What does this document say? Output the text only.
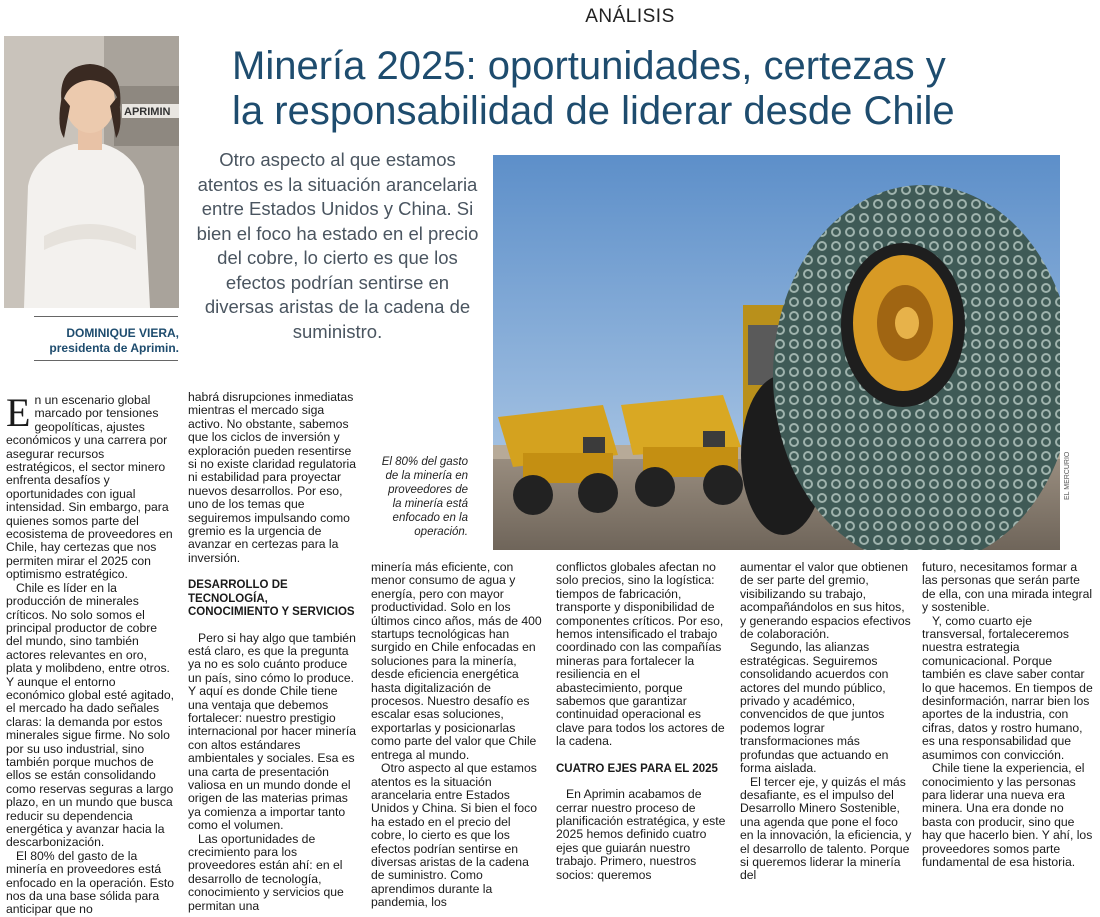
ANÁLISIS
Minería 2025: oportunidades, certezas y
la responsabilidad de liderar desde Chile
APRIMIN
DOMINIQUE VIERA,
presidenta de Aprimin.
Otro aspecto al que estamos atentos es la situación arancelaria entre Estados Unidos y China. Si bien el foco ha estado en el precio del cobre, lo cierto es que los efectos podrían sentirse en diversas aristas de la cadena de suministro.
El 80% del gasto de la minería en proveedores de la minería está enfocado en la operación.
EL MERCURIO

En un escenario global marcado por tensiones geopolíticas, ajustes económicos y una carrera por asegurar recursos estratégicos, el sector minero enfrenta desafíos y oportunidades con igual intensidad. Sin embargo, para quienes somos parte del ecosistema de proveedores en Chile, hay certezas que nos permiten mirar el 2025 con optimismo estratégico.

Chile es líder en la producción de minerales críticos. No solo somos el principal productor de cobre del mundo, sino también actores relevantes en oro, plata y molibdeno, entre otros. Y aunque el entorno económico global esté agitado, el mercado ha dado señales claras: la demanda por estos minerales sigue firme. No solo por su uso industrial, sino también porque muchos de ellos se están consolidando como reservas seguras a largo plazo, en un mundo que busca reducir su dependencia energética y avanzar hacia la descarbonización.

El 80% del gasto de la minería en proveedores está enfocado en la operación. Esto nos da una base sólida para anticipar que no

habrá disrupciones inmediatas mientras el mercado siga activo. No obstante, sabemos que los ciclos de inversión y exploración pueden resentirse si no existe claridad regulatoria ni estabilidad para proyectar nuevos desarrollos. Por eso, uno de los temas que seguiremos impulsando como gremio es la urgencia de avanzar en certezas para la inversión.

DESARROLLO DE TECNOLOGÍA, CONOCIMIENTO Y SERVICIOS

Pero si hay algo que también está claro, es que la pregunta ya no es solo cuánto produce un país, sino cómo lo produce. Y aquí es donde Chile tiene una ventaja que debemos fortalecer: nuestro prestigio internacional por hacer minería con altos estándares ambientales y sociales. Esa es una carta de presentación valiosa en un mundo donde el origen de las materias primas ya comienza a importar tanto como el volumen.

Las oportunidades de crecimiento para los proveedores están ahí: en el desarrollo de tecnología, conocimiento y servicios que permitan una

minería más eficiente, con menor consumo de agua y energía, pero con mayor productividad. Solo en los últimos cinco años, más de 400 startups tecnológicas han surgido en Chile enfocadas en soluciones para la minería, desde eficiencia energética hasta digitalización de procesos. Nuestro desafío es escalar esas soluciones, exportarlas y posicionarlas como parte del valor que Chile entrega al mundo.

Otro aspecto al que estamos atentos es la situación arancelaria entre Estados Unidos y China. Si bien el foco ha estado en el precio del cobre, lo cierto es que los efectos podrían sentirse en diversas aristas de la cadena de suministro. Como aprendimos durante la pandemia, los

conflictos globales afectan no solo precios, sino la logística: tiempos de fabricación, transporte y disponibilidad de componentes críticos. Por eso, hemos intensificado el trabajo coordinado con las compañías mineras para fortalecer la resiliencia en el abastecimiento, porque sabemos que garantizar continuidad operacional es clave para todos los actores de la cadena.

CUATRO EJES PARA EL 2025

En Aprimin acabamos de cerrar nuestro proceso de planificación estratégica, y este 2025 hemos definido cuatro ejes que guiarán nuestro trabajo. Primero, nuestros socios: queremos

aumentar el valor que obtienen de ser parte del gremio, visibilizando su trabajo, acompañándolos en sus hitos, y generando espacios efectivos de colaboración.

Segundo, las alianzas estratégicas. Seguiremos consolidando acuerdos con actores del mundo público, privado y académico, convencidos de que juntos podemos lograr transformaciones más profundas que actuando en forma aislada.

El tercer eje, y quizás el más desafiante, es el impulso del Desarrollo Minero Sostenible, una agenda que pone el foco en la innovación, la eficiencia, y el desarrollo de talento. Porque si queremos liderar la minería del

futuro, necesitamos formar a las personas que serán parte de ella, con una mirada integral y sostenible.

Y, como cuarto eje transversal, fortaleceremos nuestra estrategia comunicacional. Porque también es clave saber contar lo que hacemos. En tiempos de desinformación, narrar bien los aportes de la industria, con cifras, datos y rostro humano, es una responsabilidad que asumimos con convicción.

Chile tiene la experiencia, el conocimiento y las personas para liderar una nueva era minera. Una era donde no basta con producir, sino que hay que hacerlo bien. Y ahí, los proveedores somos parte fundamental de esa historia.
